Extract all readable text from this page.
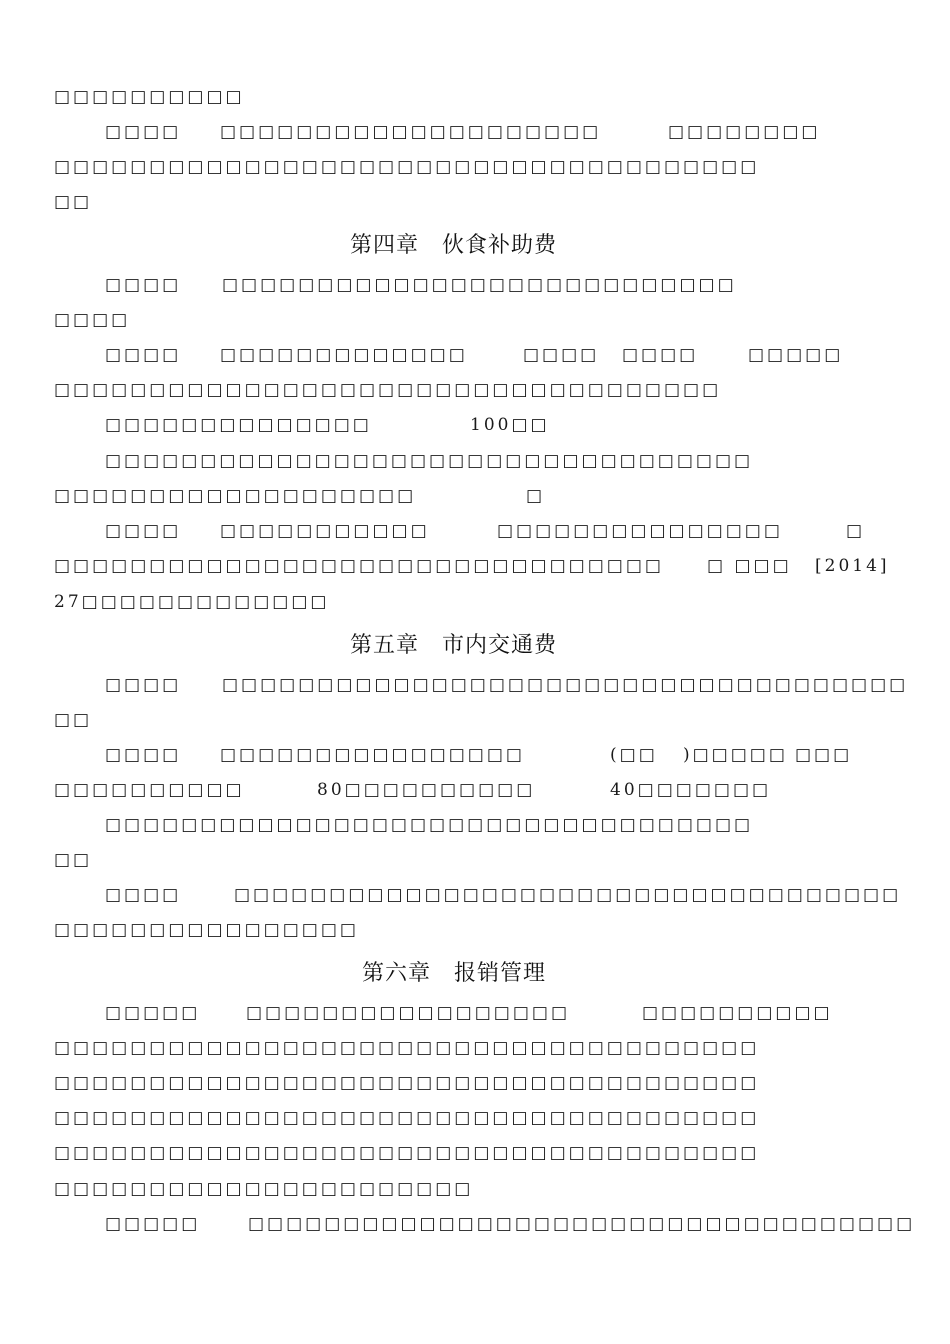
□□□□□□□□□□
□□□□ □□□□□□□□□□□□□□□□□□□□	□□□□□□□□
□□□□□□□□□□□□□□□□□□□□□□□□□□□□□□□□□□□□□
□□
第四章　伙食补助费
□□□□ □□□□□□□□□□□□□□□□□□□□□□□□□□□
□□□□
□□□□ □□□□□□□□□□□□□	□□□□ □□□□	□□□□□
□□□□□□□□□□□□□□□□□□□□□□□□□□□□□□□□□□□
□□□□□□□□□□□□□□	100□□
□□□□□□□□□□□□□□□□□□□□□□□□□□□□□□□□□□
□□□□□□□□□□□□□□□□□□□	□
□□□□ □□□□□□□□□□□	□□□□□□□□□□□□□□□	□
□□□□□□□□□□□□□□□□□□□□□□□□□□□□□□□□	□ □□□ [2014]
27□□□□□□□□□□□□□
第五章　市内交通费
□□□□ □□□□□□□□□□□□□□□□□□□□□□□□□□□□□□□□□□□□
□□
□□□□ □□□□□□□□□□□□□□□□	(□□   )□□□□□ □□□
□□□□□□□□□□	80□□□□□□□□□□	40□□□□□□□
□□□□□□□□□□□□□□□□□□□□□□□□□□□□□□□□□□
□□
□□□□	□□□□□□□□□□□□□□□□□□□□□□□□□□□□□□□□□□□
□□□□□□□□□□□□□□□□
第六章　报销管理
□□□□□	□□□□□□□□□□□□□□□□□	□□□□□□□□□□
□□□□□□□□□□□□□□□□□□□□□□□□□□□□□□□□□□□□□
□□□□□□□□□□□□□□□□□□□□□□□□□□□□□□□□□□□□□
□□□□□□□□□□□□□□□□□□□□□□□□□□□□□□□□□□□□□
□□□□□□□□□□□□□□□□□□□□□□□□□□□□□□□□□□□□□
□□□□□□□□□□□□□□□□□□□□□□
□□□□□	□□□□□□□□□□□□□□□□□□□□□□□□□□□□□□□□□□□
